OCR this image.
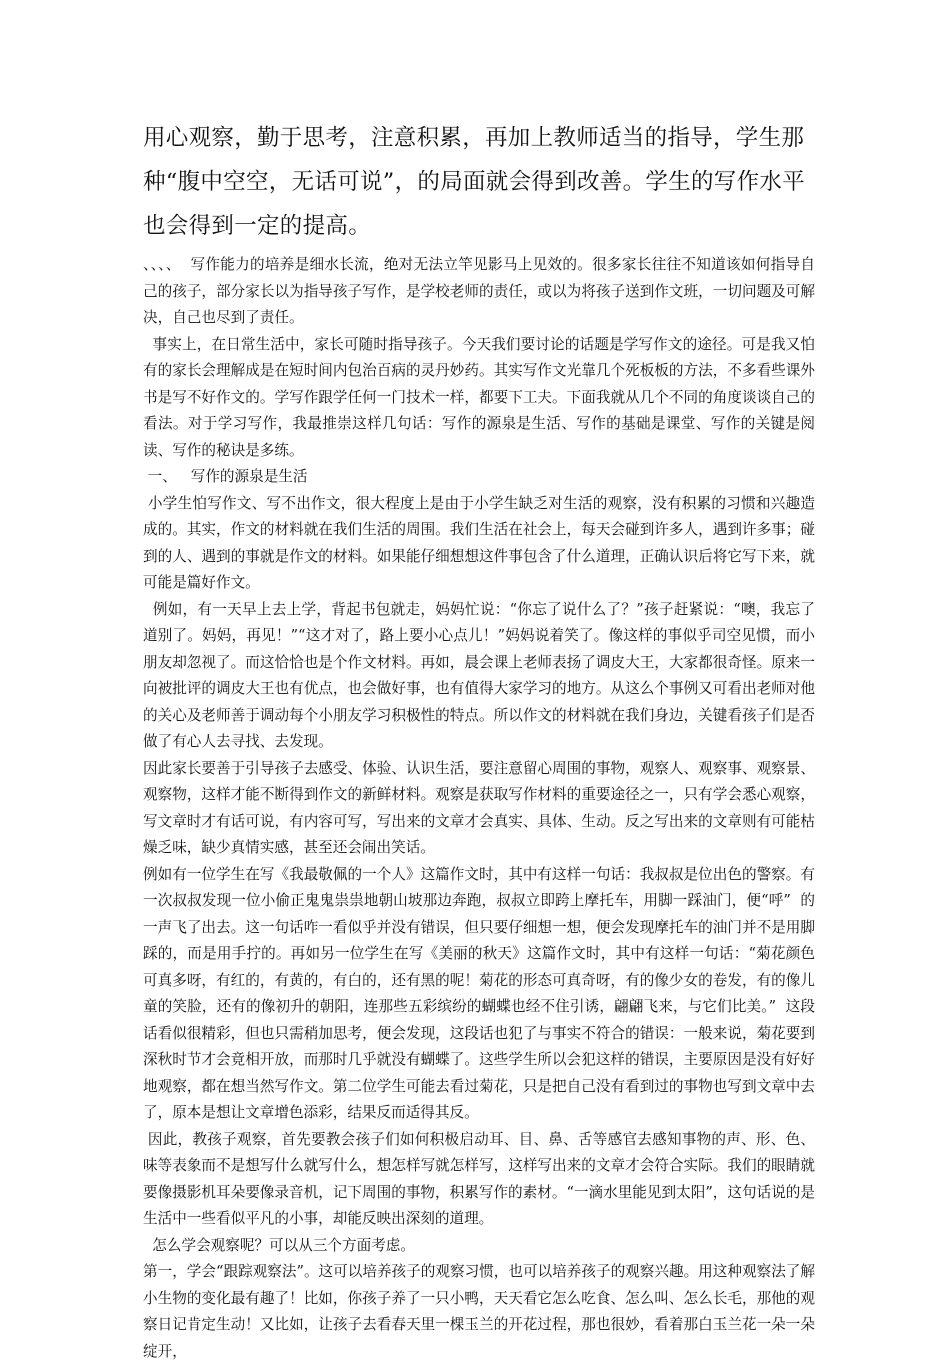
用心观察，勤于思考，注意积累，再加上教师适当的指导，学生那种“腹中空空，无话可说”，的局面就会得到改善。学生的写作水平也会得到一定的提高。

、、、、  写作能力的培养是细水长流，绝对无法立竿见影马上见效的。很多家长往往不知道该如何指导自己的孩子，部分家长以为指导孩子写作，是学校老师的责任，或以为将孩子送到作文班，一切问题及可解决，自己也尽到了责任。

事实上，在日常生活中，家长可随时指导孩子。今天我们要讨论的话题是学写作文的途径。可是我又怕有的家长会理解成是在短时间内包治百病的灵丹妙药。其实写作文光靠几个死板板的方法，不多看些课外书是写不好作文的。学写作跟学任何一门技术一样，都要下工夫。下面我就从几个不同的角度谈谈自己的看法。对于学习写作，我最推崇这样几句话：写作的源泉是生活、写作的基础是课堂、写作的关键是阅读、写作的秘诀是多练。

一、   写作的源泉是生活

小学生怕写作文、写不出作文，很大程度上是由于小学生缺乏对生活的观察，没有积累的习惯和兴趣造成的。其实，作文的材料就在我们生活的周围。我们生活在社会上，每天会碰到许多人，遇到许多事；碰到的人、遇到的事就是作文的材料。如果能仔细想想这件事包含了什么道理，正确认识后将它写下来，就可能是篇好作文。

例如，有一天早上去上学，背起书包就走，妈妈忙说：“你忘了说什么了？”孩子赶紧说：“噢，我忘了道别了。妈妈，再见！”“这才对了，路上要小心点儿！”妈妈说着笑了。像这样的事似乎司空见惯，而小朋友却忽视了。而这恰恰也是个作文材料。再如，晨会课上老师表扬了调皮大王，大家都很奇怪。原来一向被批评的调皮大王也有优点，也会做好事，也有值得大家学习的地方。从这么个事例又可看出老师对他的关心及老师善于调动每个小朋友学习积极性的特点。所以作文的材料就在我们身边，关键看孩子们是否做了有心人去寻找、去发现。

因此家长要善于引导孩子去感受、体验、认识生活，要注意留心周围的事物，观察人、观察事、观察景、观察物，这样才能不断得到作文的新鲜材料。观察是获取写作材料的重要途径之一，只有学会悉心观察，写文章时才有话可说，有内容可写，写出来的文章才会真实、具体、生动。反之写出来的文章则有可能枯燥乏味，缺少真情实感，甚至还会闹出笑话。

例如有一位学生在写《我最敬佩的一个人》这篇作文时，其中有这样一句话：我叔叔是位出色的警察。有一次叔叔发现一位小偷正鬼鬼祟祟地朝山坡那边奔跑，叔叔立即跨上摩托车，用脚一踩油门，便“呼”  的一声飞了出去。这一句话咋一看似乎并没有错误，但只要仔细想一想，便会发现摩托车的油门并不是用脚踩的，而是用手拧的。再如另一位学生在写《美丽的秋天》这篇作文时，其中有这样一句话：“菊花颜色可真多呀，有红的，有黄的，有白的，还有黑的呢！菊花的形态可真奇呀，有的像少女的卷发，有的像儿童的笑脸，还有的像初升的朝阳，连那些五彩缤纷的蝴蝶也经不住引诱，翩翩飞来，与它们比美。”  这段话看似很精彩，但也只需稍加思考，便会发现，这段话也犯了与事实不符合的错误：一般来说，菊花要到深秋时节才会竟相开放，而那时几乎就没有蝴蝶了。这些学生所以会犯这样的错误，主要原因是没有好好地观察，都在想当然写作文。第二位学生可能去看过菊花，只是把自己没有看到过的事物也写到文章中去了，原本是想让文章增色添彩，结果反而适得其反。

因此，教孩子观察，首先要教会孩子们如何积极启动耳、目、鼻、舌等感官去感知事物的声、形、色、味等表象而不是想写什么就写什么，想怎样写就怎样写，这样写出来的文章才会符合实际。我们的眼睛就要像摄影机耳朵要像录音机，记下周围的事物，积累写作的素材。“一滴水里能见到太阳”，这句话说的是生活中一些看似平凡的小事，却能反映出深刻的道理。

怎么学会观察呢？可以从三个方面考虑。

第一，学会“跟踪观察法”。这可以培养孩子的观察习惯，也可以培养孩子的观察兴趣。用这种观察法了解小生物的变化最有趣了！比如，你孩子养了一只小鸭，天天看它怎么吃食、怎么叫、怎么长毛，那他的观察日记肯定生动！又比如，让孩子去看春天里一棵玉兰的开花过程，那也很妙，看着那白玉兰花一朵一朵绽开，
